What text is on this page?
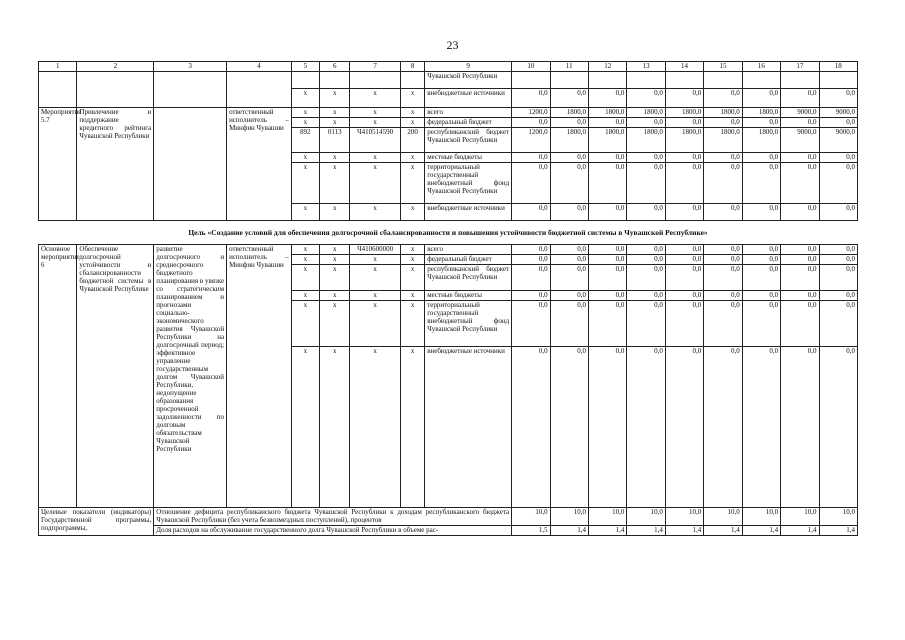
23
1	2	3	4	5	6	7	8	9	10	11	12	13	14	15	16	17	18
								Чувашской Республики									
				x	x	x	x	внебюджетные источники	0,0	0,0	0,0	0,0	0,0	0,0	0,0	0,0	0,0
Мероприятие 5.7	Привлечение и поддержание кредитного рейтинга Чувашской Республики		ответственный исполнитель – Минфин Чувашии	x	x	x	x	всего	1200,0	1800,0	1800,0	1800,0	1800,0	1800,0	1800,0	9000,0	9000,0
				x	x	x	x	федеральный бюджет	0,0	0,0	0,0	0,0	0,0	0,0	0,0	0,0	0,0
				892	0113	Ч410514590	200	республиканский бюджет Чувашской Республики	1200,0	1800,0	1800,0	1800,0	1800,0	1800,0	1800,0	9000,0	9000,0
				x	x	x	x	местные бюджеты	0,0	0,0	0,0	0,0	0,0	0,0	0,0	0,0	0,0
				x	x	x	x	территориальный государственный внебюджетный фонд Чувашской Республики	0,0	0,0	0,0	0,0	0,0	0,0	0,0	0,0	0,0
				x	x	x	x	внебюджетные источники	0,0	0,0	0,0	0,0	0,0	0,0	0,0	0,0	0,0
Цель «Создание условий для обеспечения долгосрочной сбалансированности и повышения устойчивости бюджетной системы в Чувашской Республике»																	
Основное мероприятие 6	Обеспечение долгосрочной устойчивости и сбалансированности бюджетной системы в Чувашской Республике	развитие долгосрочного и среднесрочного бюджетного планирования в увязке со стратегическим планированием и прогнозами социально-экономического развития Чувашской Республики на долгосрочный период; эффективное управление государственным долгом Чувашской Республики, недопущение образования просроченной задолженности по долговым обязательствам Чувашской Республики	ответственный исполнитель – Минфин Чувашии	x	x	Ч410600000	x	всего	0,0	0,0	0,0	0,0	0,0	0,0	0,0	0,0	0,0
				x	x	x	x	федеральный бюджет	0,0	0,0	0,0	0,0	0,0	0,0	0,0	0,0	0,0
				x	x	x	x	республиканский бюджет Чувашской Республики	0,0	0,0	0,0	0,0	0,0	0,0	0,0	0,0	0,0
				x	x	x	x	местные бюджеты	0,0	0,0	0,0	0,0	0,0	0,0	0,0	0,0	0,0
				x	x	x	x	территориальный государственный внебюджетный фонд Чувашской Республики	0,0	0,0	0,0	0,0	0,0	0,0	0,0	0,0	0,0
				x	x	x	x	внебюджетные источники	0,0	0,0	0,0	0,0	0,0	0,0	0,0	0,0	0,0
Целевые показатели (индикаторы) Государственной программы, подпрограммы,		Отношение дефицита республиканского бюджета Чувашской Республики к доходам республиканского бюджета Чувашской Республики (без учета безвозмездных поступлений), процентов							10,0	10,0	10,0	10,0	10,0	10,0	10,0	10,0	10,0
		Доля расходов на обслуживание государственного долга Чувашской Республики в объеме рас-							1,5	1,4	1,4	1,4	1,4	1,4	1,4	1,4	1,4
